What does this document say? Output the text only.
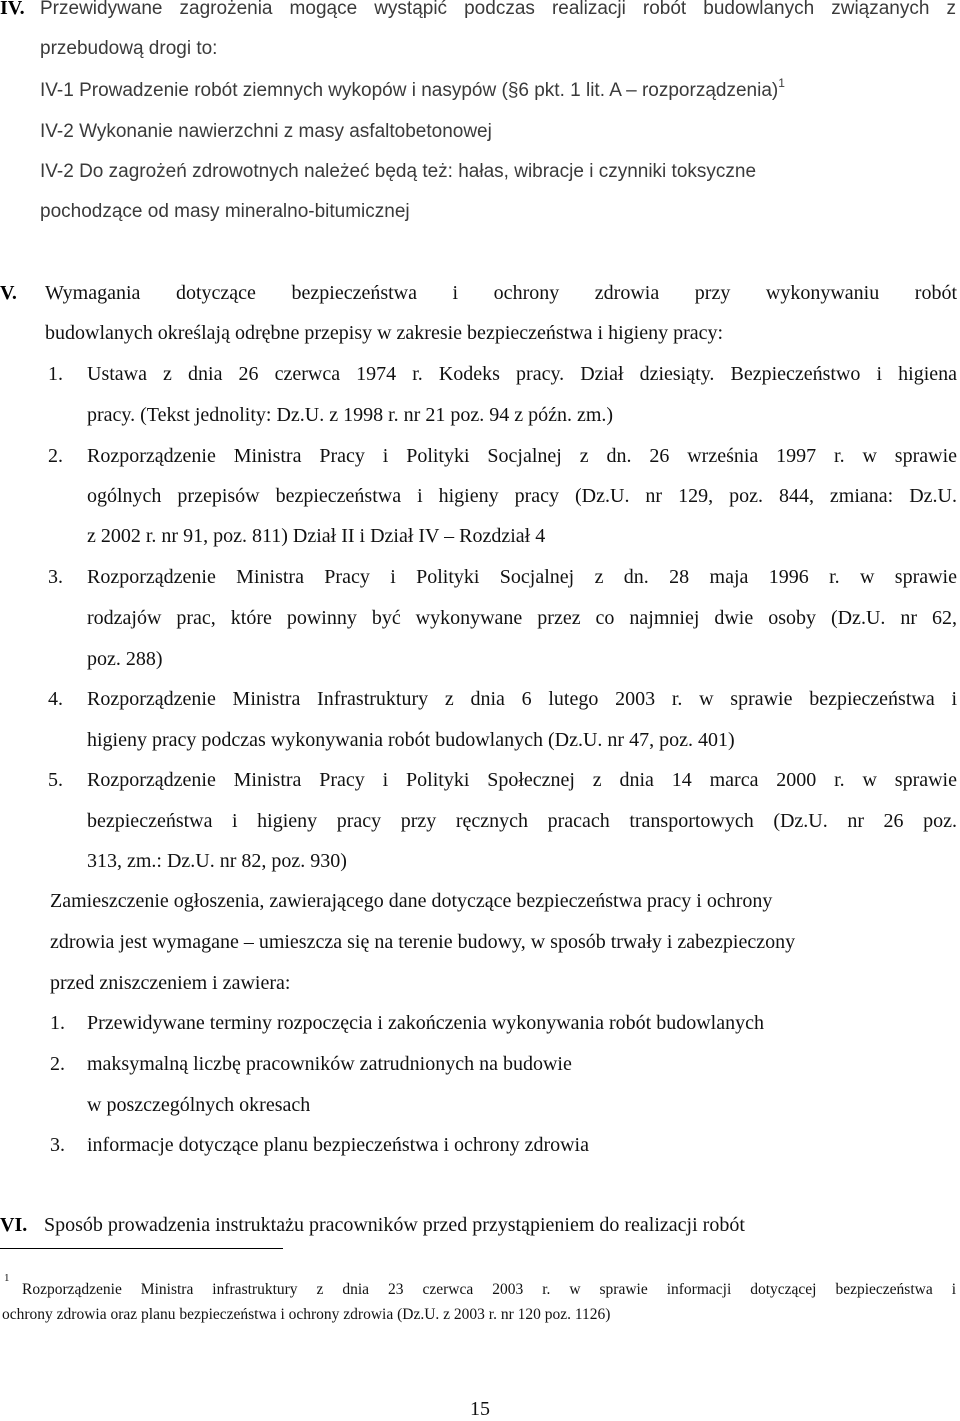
IV. Przewidywane zagrożenia mogące wystąpić podczas realizacji robót budowlanych związanych z
przebudową drogi to:
IV-1 Prowadzenie robót ziemnych wykopów i nasypów (§6 pkt. 1 lit. A – rozporządzenia)$^1$
IV-2 Wykonanie nawierzchni z masy asfaltobetonowej
IV-2 Do zagrożeń zdrowotnych należeć będą też: hałas, wibracje i czynniki toksyczne
pochodzące od masy mineralno-bitumicznej
V. Wymagania dotyczące bezpieczeństwa i ochrony zdrowia przy wykonywaniu robót
budowlanych określają odrębne przepisy w zakresie bezpieczeństwa i higieny pracy:
1. Ustawa z dnia 26 czerwca 1974 r. Kodeks pracy. Dział dziesiąty. Bezpieczeństwo i higiena
pracy. (Tekst jednolity: Dz.U. z 1998 r. nr 21 poz. 94 z późn. zm.)
2. Rozporządzenie Ministra Pracy i Polityki Socjalnej z dn. 26 września 1997 r. w sprawie
ogólnych przepisów bezpieczeństwa i higieny pracy (Dz.U. nr 129, poz. 844, zmiana: Dz.U.
z 2002 r. nr 91, poz. 811) Dział II i Dział IV – Rozdział 4
3. Rozporządzenie Ministra Pracy i Polityki Socjalnej z dn. 28 maja 1996 r. w sprawie
rodzajów prac, które powinny być wykonywane przez co najmniej dwie osoby (Dz.U. nr 62,
poz. 288)
4. Rozporządzenie Ministra Infrastruktury z dnia 6 lutego 2003 r. w sprawie bezpieczeństwa i
higieny pracy podczas wykonywania robót budowlanych (Dz.U. nr 47, poz. 401)
5. Rozporządzenie Ministra Pracy i Polityki Społecznej z dnia 14 marca 2000 r. w sprawie
bezpieczeństwa i higieny pracy przy ręcznych pracach transportowych (Dz.U. nr 26 poz.
313, zm.: Dz.U. nr 82, poz. 930)
Zamieszczenie ogłoszenia, zawierającego dane dotyczące bezpieczeństwa pracy i ochrony
zdrowia jest wymagane – umieszcza się na terenie budowy, w sposób trwały i zabezpieczony
przed zniszczeniem i zawiera:
1. Przewidywane terminy rozpoczęcia i zakończenia wykonywania robót budowlanych
2. maksymalną liczbę pracowników zatrudnionych na budowie
w poszczególnych okresach
3. informacje dotyczące planu bezpieczeństwa i ochrony zdrowia
VI. Sposób prowadzenia instruktażu pracowników przed przystąpieniem do realizacji robót
1
Rozporządzenie Ministra infrastruktury z dnia 23 czerwca 2003 r. w sprawie informacji dotyczącej bezpieczeństwa i
ochrony zdrowia oraz planu bezpieczeństwa i ochrony zdrowia (Dz.U. z 2003 r. nr 120 poz. 1126)
15
